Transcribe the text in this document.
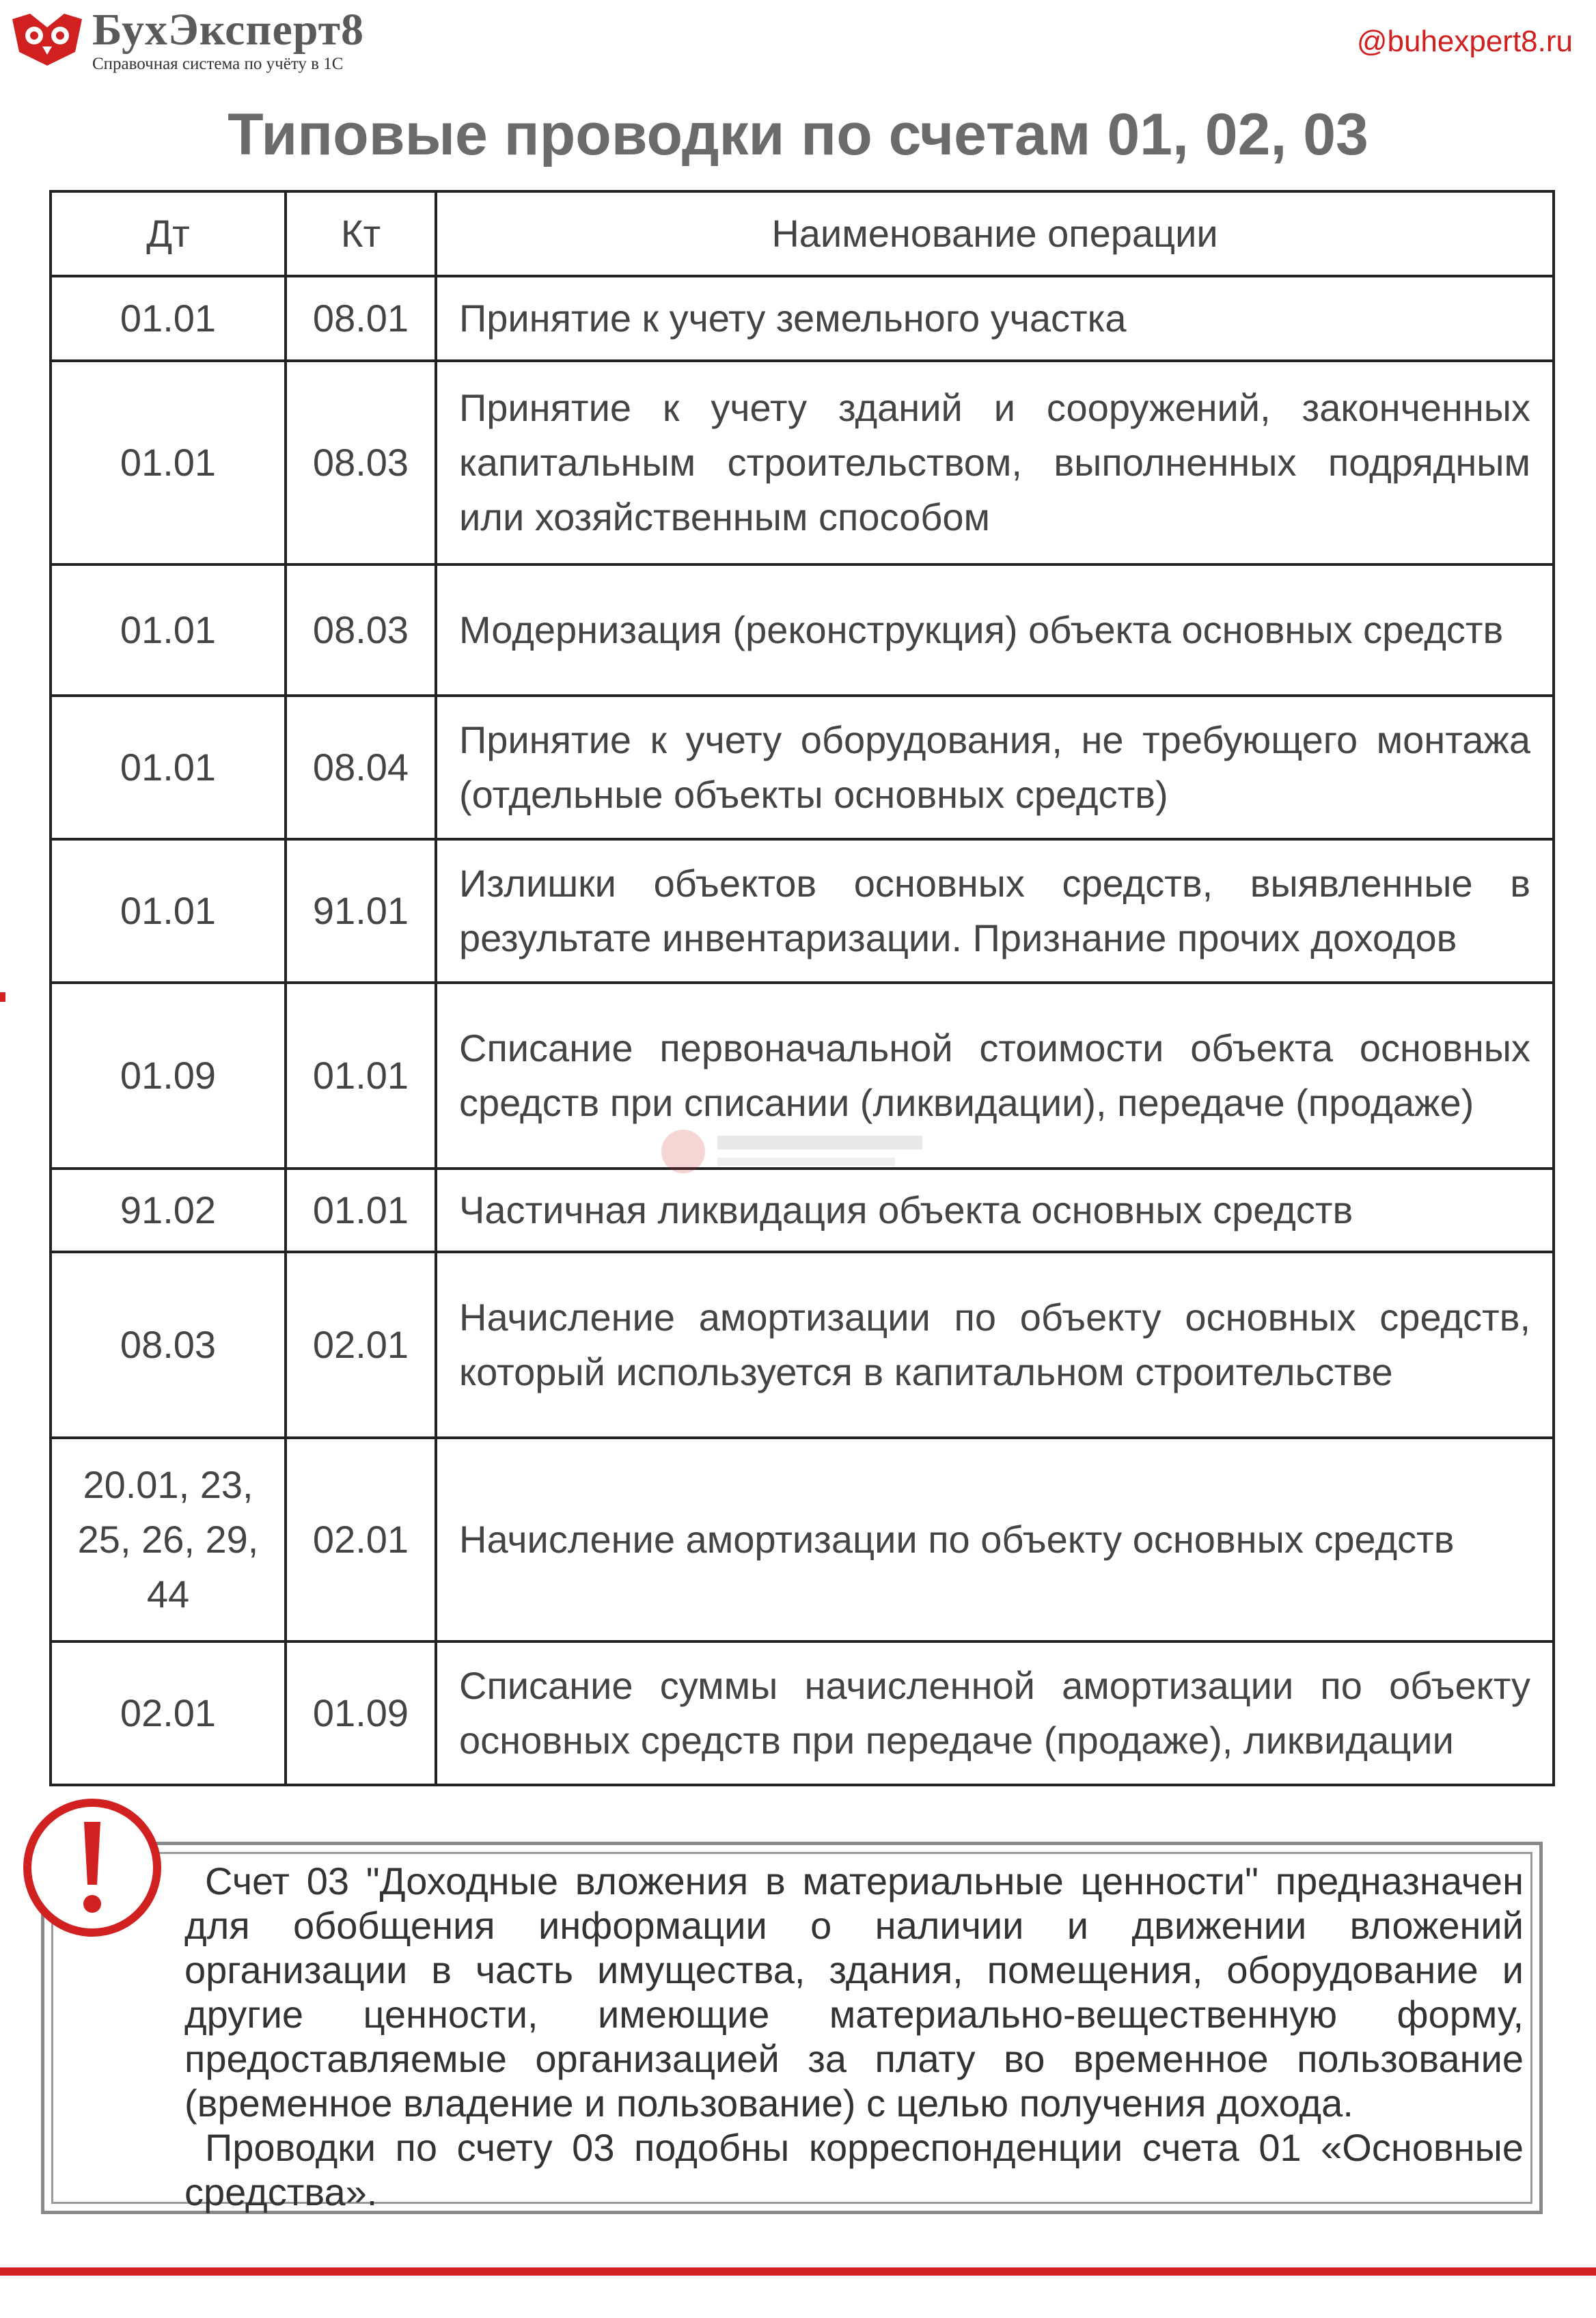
БухЭксперт8
Справочная система по учёту в 1С
@buhexpert8.ru
Типовые проводки по счетам 01, 02, 03
Дт	Кт	Наименование операции
01.01	08.01	Принятие к учету земельного участка
01.01	08.03	Принятие к учету зданий и сооружений, законченных капитальным строительством, выполненных подрядным или хозяйственным способом
01.01	08.03	Модернизация (реконструкция) объекта основных средств
01.01	08.04	Принятие к учету оборудования, не требующего монтажа (отдельные объекты основных средств)
01.01	91.01	Излишки объектов основных средств, выявленные в результате инвентаризации. Признание прочих доходов
01.09	01.01	Списание первоначальной стоимости объекта основных средств при списании (ликвидации), передаче (продаже)
91.02	01.01	Частичная ликвидация объекта основных средств
08.03	02.01	Начисление амортизации по объекту основных средств, который используется в капитальном строительстве
20.01, 23, 25, 26, 29, 44	02.01	Начисление амортизации по объекту основных средств
02.01	01.09	Списание суммы начисленной амортизации по объекту основных средств при передаче (продаже), ликвидации

Счет 03 "Доходные вложения в материальные ценности" предназначен для обобщения информации о наличии и движении вложений организации в часть имущества, здания, помещения, оборудование и другие ценности, имеющие материально-вещественную форму, предоставляемые организацией за плату во временное пользование (временное владение и пользование) с целью получения дохода.

Проводки по счету 03 подобны корреспонденции счета 01 «Основные средства».
